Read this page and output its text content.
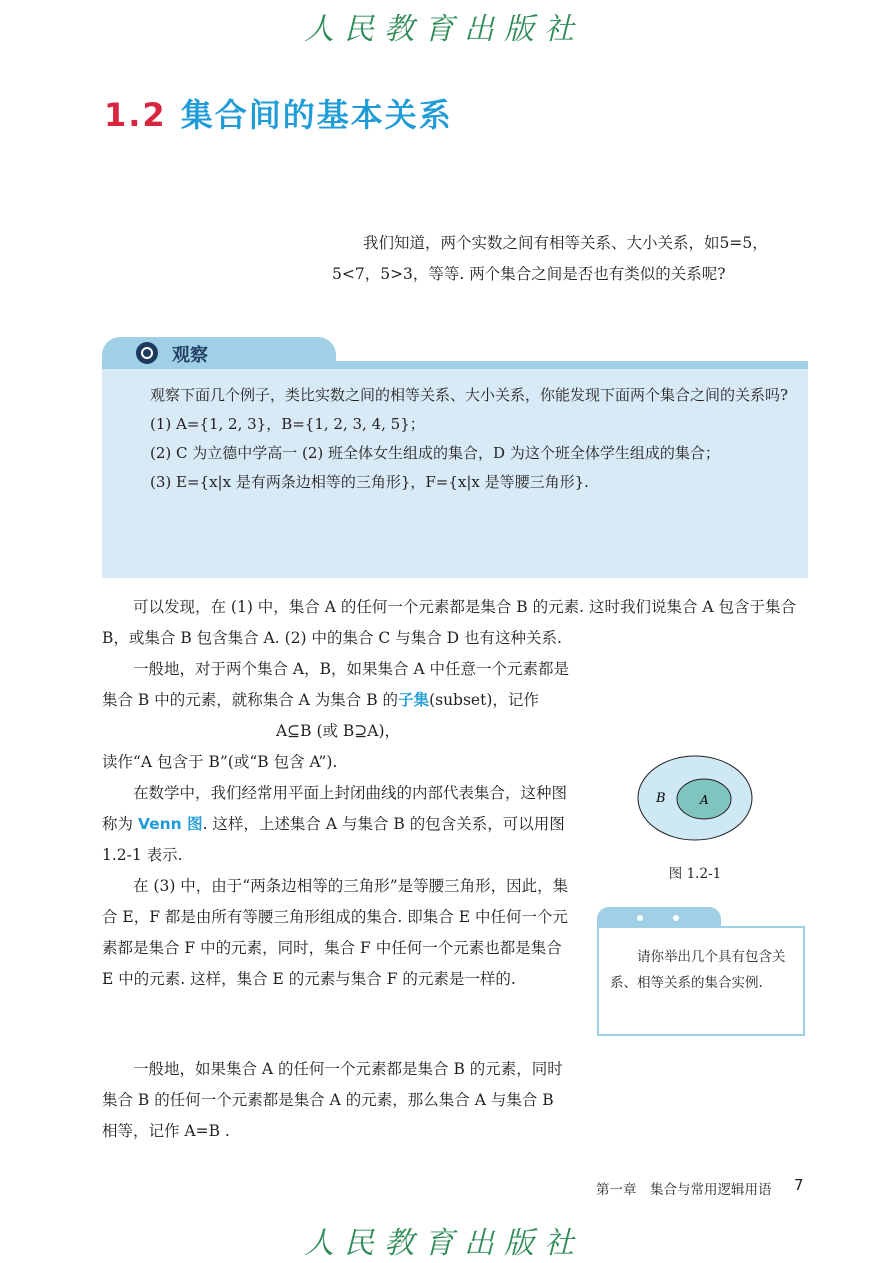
人民教育出版社
1.2 集合间的基本关系
我们知道，两个实数之间有相等关系、大小关系，如5=5，5<7，5>3，等等. 两个集合之间是否也有类似的关系呢?
观察
观察下面几个例子，类比实数之间的相等关系、大小关系，你能发现下面两个集合之间的关系吗?
(1) A={1, 2, 3}，B={1, 2, 3, 4, 5}；
(2) C 为立德中学高一 (2) 班全体女生组成的集合，D 为这个班全体学生组成的集合；
(3) E={x|x 是有两条边相等的三角形}，F={x|x 是等腰三角形}.
可以发现，在 (1) 中，集合 A 的任何一个元素都是集合 B 的元素. 这时我们说集合 A 包含于集合 B，或集合 B 包含集合 A. (2) 中的集合 C 与集合 D 也有这种关系.
一般地，对于两个集合 A，B，如果集合 A 中任意一个元素都是集合 B 中的元素，就称集合 A 为集合 B 的子集(subset)，记作
A⊆B (或 B⊇A)，
读作“A 包含于 B”(或“B 包含 A”).
在数学中，我们经常用平面上封闭曲线的内部代表集合，这种图称为 Venn 图. 这样，上述集合 A 与集合 B 的包含关系，可以用图 1.2-1 表示.
在 (3) 中，由于“两条边相等的三角形”是等腰三角形，因此，集合 E，F 都是由所有等腰三角形组成的集合. 即集合 E 中任何一个元素都是集合 F 中的元素，同时，集合 F 中任何一个元素也都是集合 E 中的元素. 这样，集合 E 的元素与集合 F 的元素是一样的.
一般地，如果集合 A 的任何一个元素都是集合 B 的元素，同时集合 B 的任何一个元素都是集合 A 的元素，那么集合 A 与集合 B 相等，记作 A=B .
B	A
图 1.2-1
请你举出几个具有包含关系、相等关系的集合实例.
第一章　集合与常用逻辑用语 7
人民教育出版社
